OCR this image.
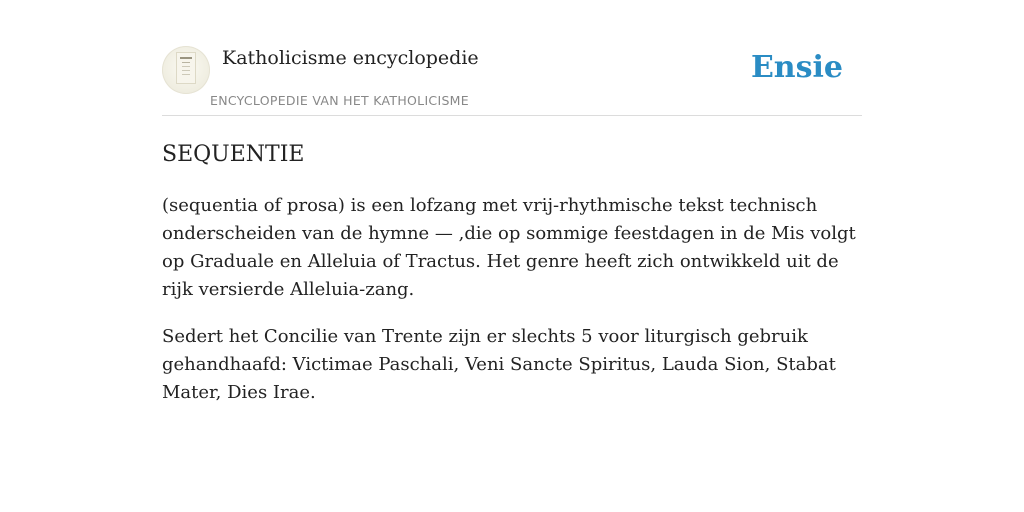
Katholicisme encyclopedie
ENCYCLOPEDIE VAN HET KATHOLICISME
Ensie
SEQUENTIE

(sequentia of prosa) is een lofzang met vrij-rhythmische tekst technisch onderscheiden van de hymne — ,die op sommige feestdagen in de Mis volgt op Graduale en Alleluia of Tractus. Het genre heeft zich ontwikkeld uit de rijk versierde Alleluia-zang.

Sedert het Concilie van Trente zijn er slechts 5 voor liturgisch gebruik gehandhaafd: Victimae Paschali, Veni Sancte Spiritus, Lauda Sion, Stabat Mater, Dies Irae.
